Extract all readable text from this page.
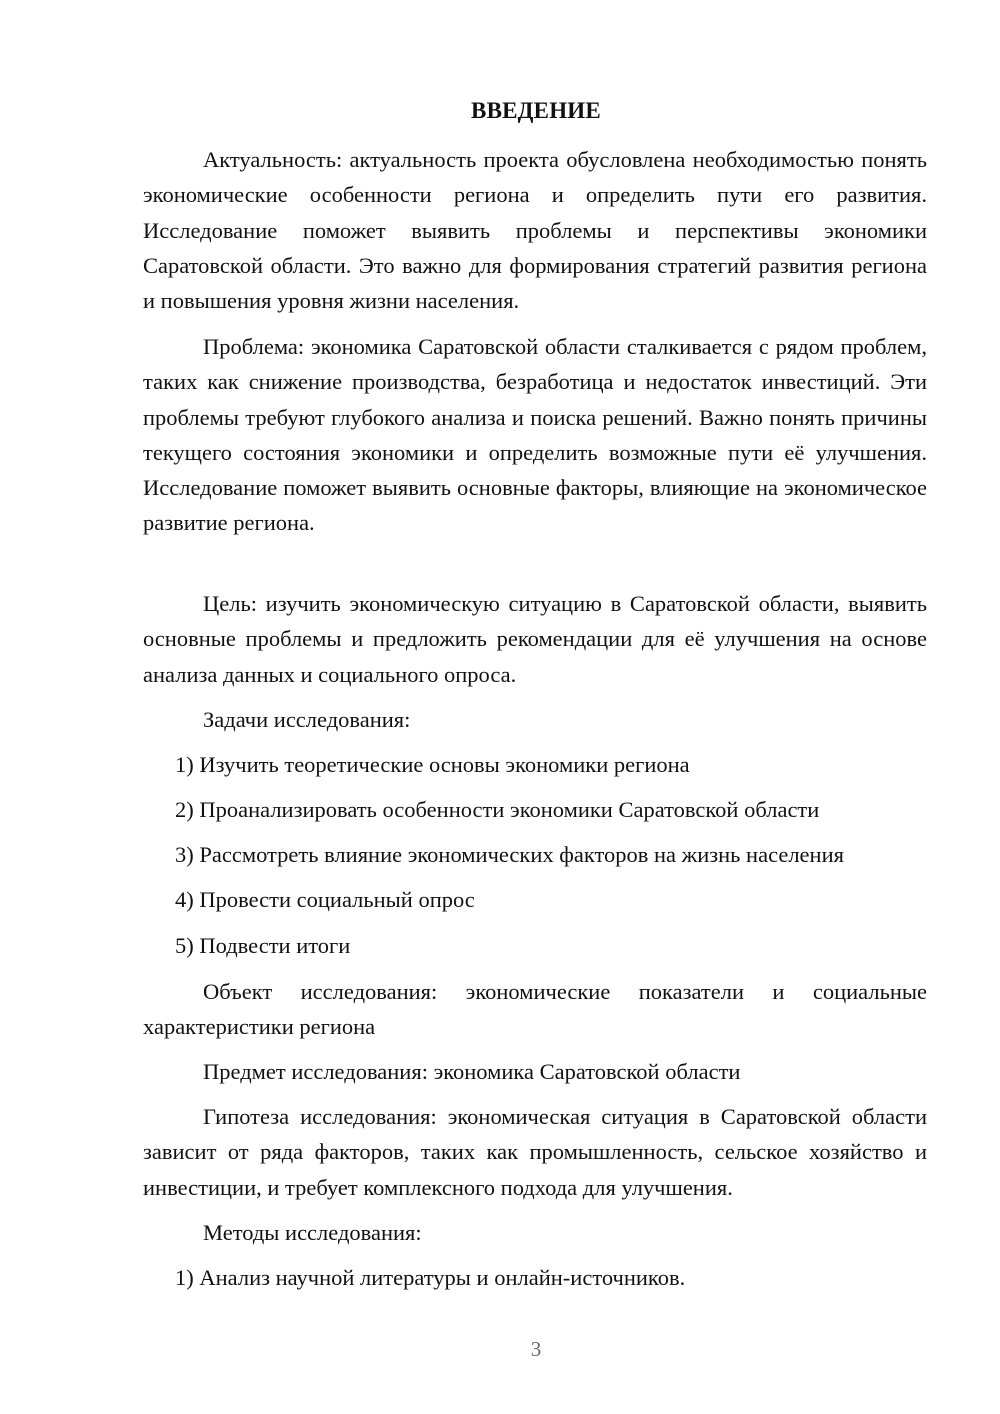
ВВЕДЕНИЕ

Актуальность: актуальность проекта обусловлена необходимостью понять экономические особенности региона и определить пути его развития. Исследование поможет выявить проблемы и перспективы экономики Саратовской области. Это важно для формирования стратегий развития региона и повышения уровня жизни населения.

Проблема: экономика Саратовской области сталкивается с рядом проблем, таких как снижение производства, безработица и недостаток инвестиций. Эти проблемы требуют глубокого анализа и поиска решений. Важно понять причины текущего состояния экономики и определить возможные пути её улучшения. Исследование поможет выявить основные факторы, влияющие на экономическое развитие региона.

Цель: изучить экономическую ситуацию в Саратовской области, выявить основные проблемы и предложить рекомендации для её улучшения на основе анализа данных и социального опроса.

Задачи исследования:

1) Изучить теоретические основы экономики региона

2) Проанализировать особенности экономики Саратовской области

3) Рассмотреть влияние экономических факторов на жизнь населения

4) Провести социальный опрос

5) Подвести итоги

Объект исследования: экономические показатели и социальные характеристики региона

Предмет исследования: экономика Саратовской области

Гипотеза исследования: экономическая ситуация в Саратовской области зависит от ряда факторов, таких как промышленность, сельское хозяйство и инвестиции, и требует комплексного подхода для улучшения.

Методы исследования:

1) Анализ научной литературы и онлайн-источников.

3
